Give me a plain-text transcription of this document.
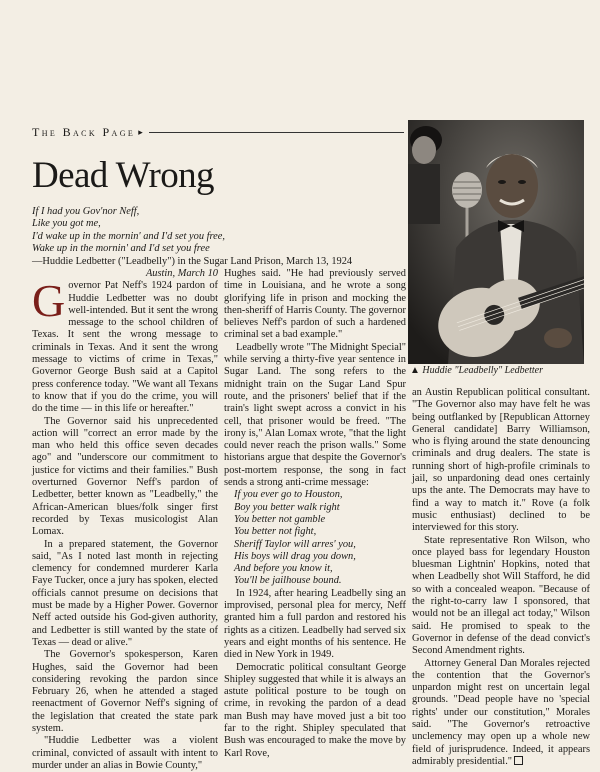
The Back Page ▸
Dead Wrong
If I had you Gov'nor Neff,
Like you got me,
I'd wake up in the mornin' and I'd set you free,
Wake up in the mornin' and I'd set you free
—Huddie Ledbetter ("Leadbelly") in the Sugar Land Prison, March 13, 1924
▲ Huddie "Leadbelly" Ledbetter
Austin, March 10

Governor Pat Neff's 1924 pardon of Huddie Ledbetter was no doubt well-intended. But it sent the wrong message to the school children of Texas. It sent the wrong message to criminals in Texas. And it sent the wrong message to victims of crime in Texas," Governor George Bush said at a Capitol press conference today. "We want all Texans to know that if you do the crime, you will do the time — in this life or hereafter."

The Governor said his unprecedented action will "correct an error made by the man who held this office seven decades ago" and "underscore our commitment to justice for victims and their families." Bush overturned Governor Neff's pardon of Ledbetter, better known as "Leadbelly," the African-American blues/folk singer first recorded by Texas musicologist Alan Lomax.

In a prepared statement, the Governor said, "As I noted last month in rejecting clemency for condemned murderer Karla Faye Tucker, once a jury has spoken, elected officials cannot presume on decisions that must be made by a Higher Power. Governor Neff acted outside his God-given authority, and Ledbetter is still wanted by the state of Texas — dead or alive."

The Governor's spokesperson, Karen Hughes, said the Governor had been considering revoking the pardon since February 26, when he attended a staged reenactment of Governor Neff's signing of the legislation that created the state park system.

"Huddie Ledbetter was a violent criminal, convicted of assault with intent to murder under an alias in Bowie County,"

Hughes said. "He had previously served time in Louisiana, and he wrote a song glorifying life in prison and mocking the then-sheriff of Harris County. The governor believes Neff's pardon of such a hardened criminal set a bad example."

Leadbelly wrote "The Midnight Special" while serving a thirty-five year sentence in Sugar Land. The song refers to the midnight train on the Sugar Land Spur route, and the prisoners' belief that if the train's light swept across a convict in his cell, that prisoner would be freed. "The irony is," Alan Lomax wrote, "that the light could never reach the prison walls." Some historians argue that despite the Governor's post-mortem response, the song in fact sends a strong anti-crime message:

If you ever go to Houston,
Boy you better walk right
You better not gamble
You better not fight,
Sheriff Taylor will arres' you,
His boys will drag you down,
And before you know it,
You'll be jailhouse bound.

In 1924, after hearing Leadbelly sing an improvised, personal plea for mercy, Neff granted him a full pardon and restored his rights as a citizen. Leadbelly had served six years and eight months of his sentence. He died in New York in 1949.

Democratic political consultant George Shipley suggested that while it is always an astute political posture to be tough on crime, in revoking the pardon of a dead man Bush may have moved just a bit too far to the right. Shipley speculated that Bush was encouraged to make the move by Karl Rove,

an Austin Republican political consultant. "The Governor also may have felt he was being outflanked by [Republican Attorney General candidate] Barry Williamson, who is flying around the state denouncing criminals and drug dealers. The state is running short of high-profile criminals to jail, so unpardoning dead ones certainly ups the ante. The Democrats may have to find a way to match it." Rove (a folk music enthusiast) declined to be interviewed for this story.

State representative Ron Wilson, who once played bass for legendary Houston bluesman Lightnin' Hopkins, noted that when Leadbelly shot Will Stafford, he did so with a concealed weapon. "Because of the right-to-carry law I sponsored, that would not be an illegal act today," Wilson said. He promised to speak to the Governor in defense of the dead convict's Second Amendment rights.

Attorney General Dan Morales rejected the contention that the Governor's unpardon might rest on uncertain legal grounds. "Dead people have no 'special rights' under our constitution," Morales said. "The Governor's retroactive unclemency may open up a whole new field of jurisprudence. Indeed, it appears admirably presidential."
